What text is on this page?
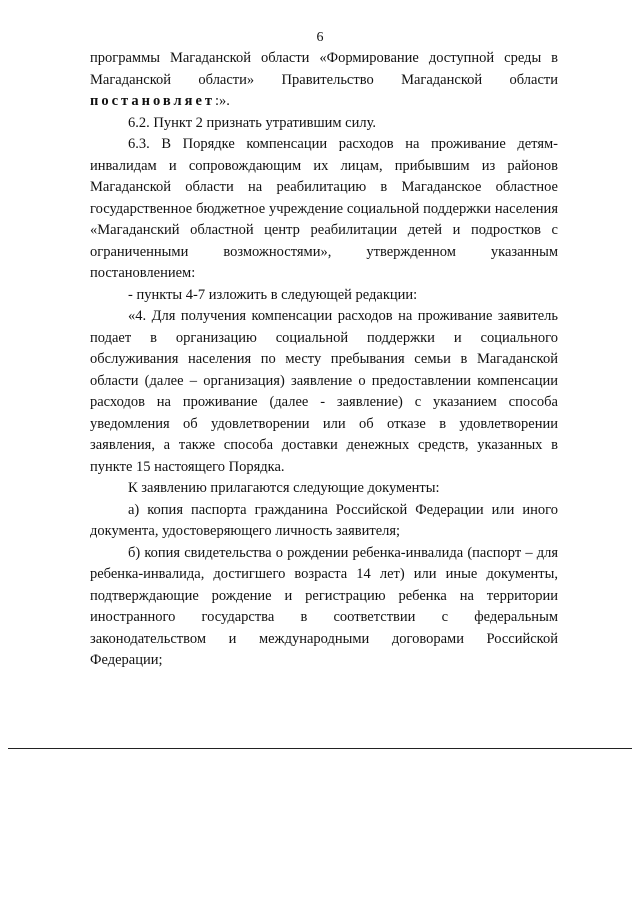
6

программы Магаданской области «Формирование доступной среды в Магаданской области» Правительство Магаданской области постановляет:».

6.2. Пункт 2 признать утратившим силу.

6.3. В Порядке компенсации расходов на проживание детям-инвалидам и сопровождающим их лицам, прибывшим из районов Магаданской области на реабилитацию в Магаданское областное государственное бюджетное учреждение социальной поддержки населения «Магаданский областной центр реабилитации детей и подростков с ограниченными возможностями», утвержденном указанным постановлением:

- пункты 4-7 изложить в следующей редакции:

«4. Для получения компенсации расходов на проживание заявитель подает в организацию социальной поддержки и социального обслуживания населения по месту пребывания семьи в Магаданской области (далее – организация) заявление о предоставлении компенсации расходов на проживание (далее - заявление) с указанием способа уведомления об удовлетворении или об отказе в удовлетворении заявления, а также способа доставки денежных средств, указанных в пункте 15 настоящего Порядка.

К заявлению прилагаются следующие документы:

а) копия паспорта гражданина Российской Федерации или иного документа, удостоверяющего личность заявителя;

б) копия свидетельства о рождении ребенка-инвалида (паспорт – для ребенка-инвалида, достигшего возраста 14 лет) или иные документы, подтверждающие рождение и регистрацию ребенка на территории иностранного государства в соответствии с федеральным законодательством и международными договорами Российской Федерации;
